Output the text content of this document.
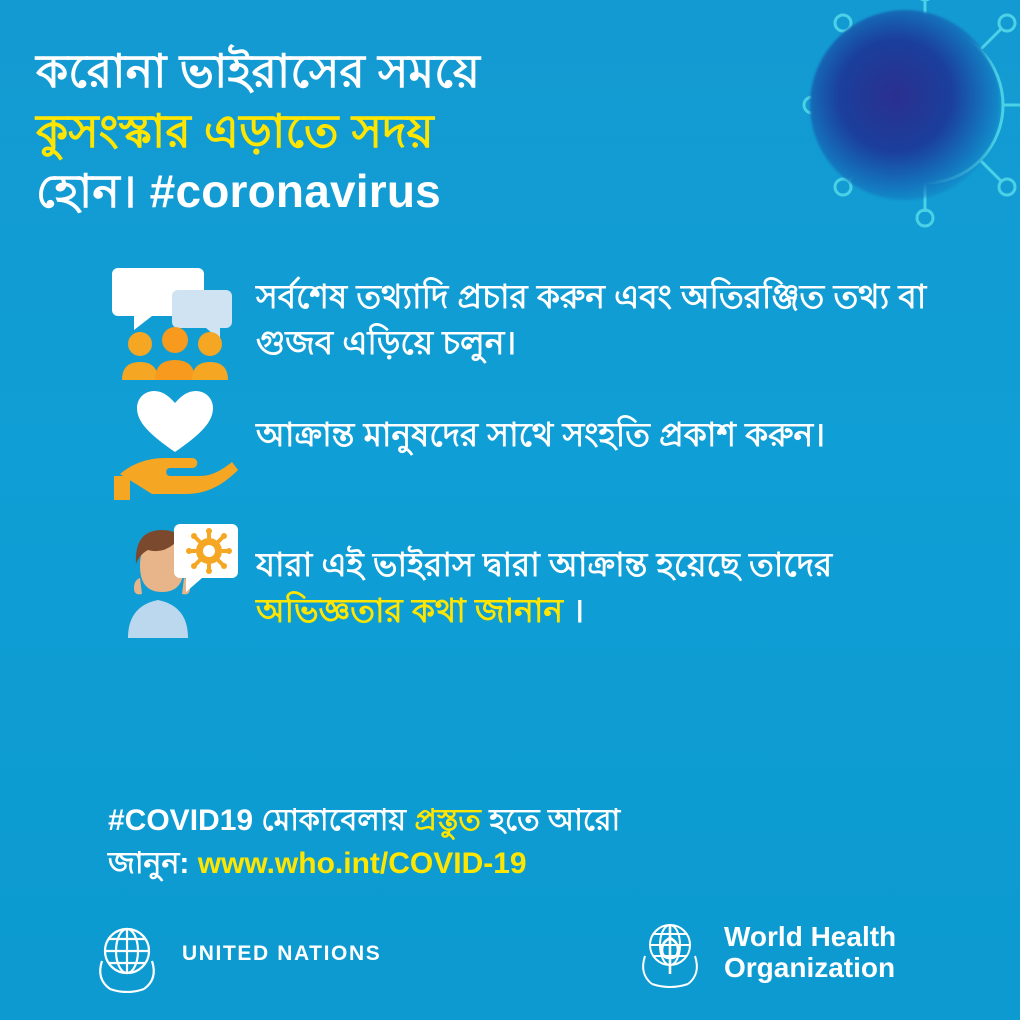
করোনা ভাইরাসের সময়ে
কুসংস্কার এড়াতে সদয়
হোন। #coronavirus
সর্বশেষ তথ্যাদি প্রচার করুন এবং অতিরঞ্জিত তথ্য বা গুজব এড়িয়ে চলুন।
আক্রান্ত মানুষদের সাথে সংহতি প্রকাশ করুন।
যারা এই ভাইরাস দ্বারা আক্রান্ত হয়েছে তাদের অভিজ্ঞতার কথা জানান ।
#COVID19 মোকাবেলায় প্রস্তুত হতে আরো
জানুন: www.who.int/COVID-19
UNITED NATIONS
World Health
Organization
